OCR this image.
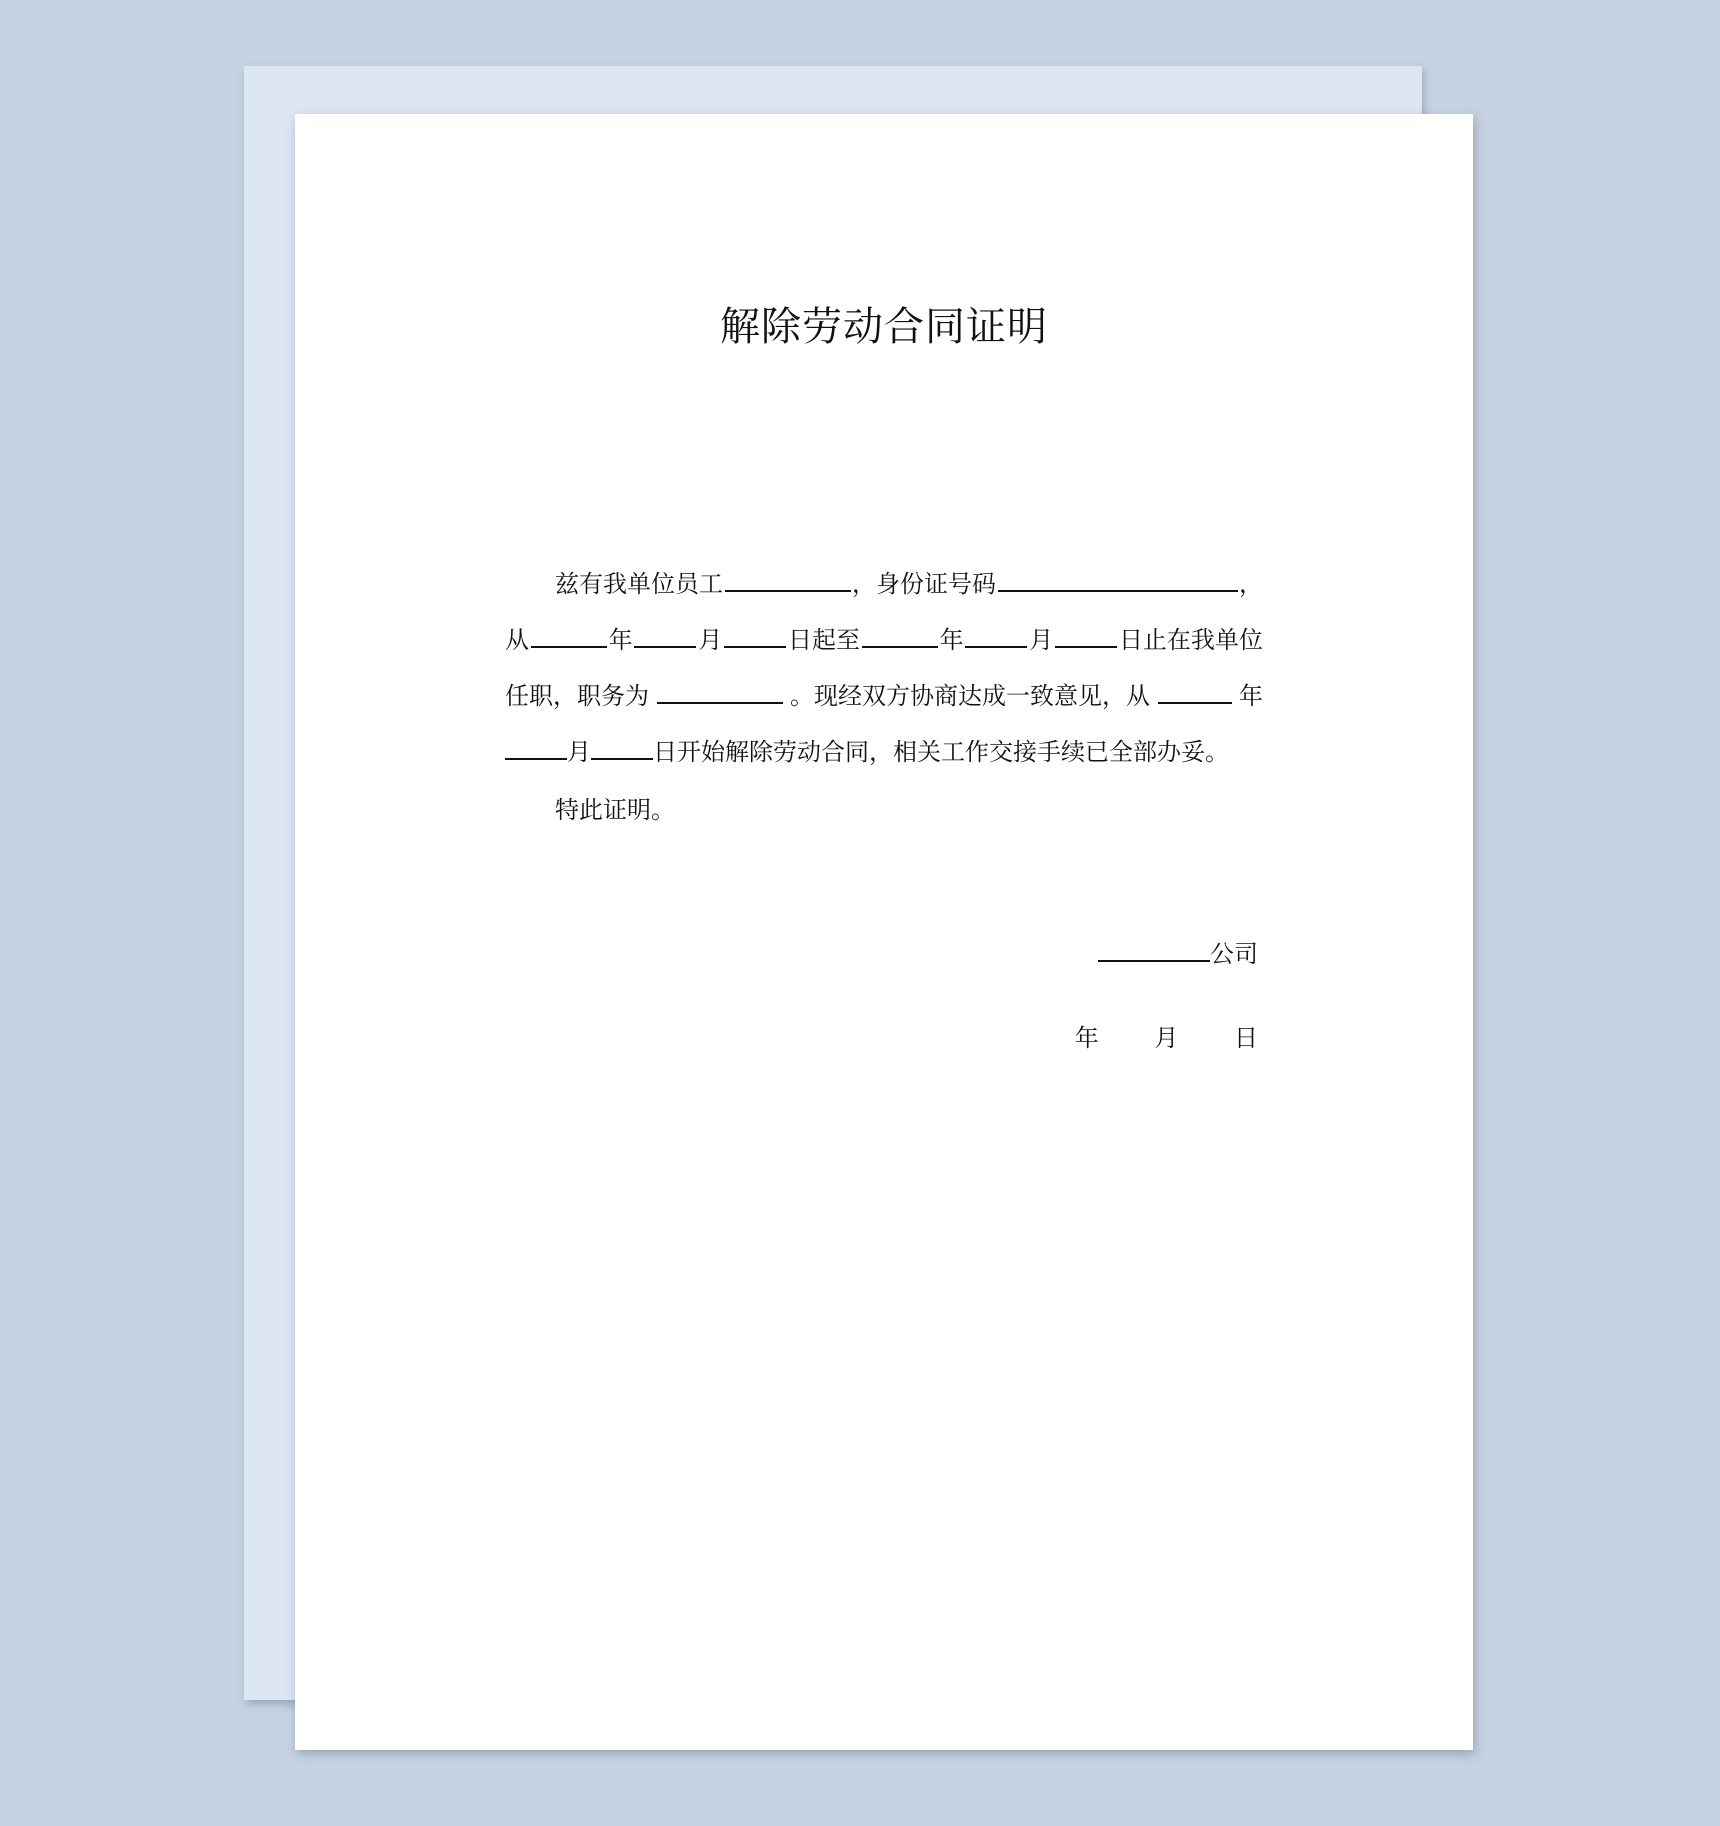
解除劳动合同证明
兹有我单位员工	，身份证号码	，
从	年	月	日起至	年	月	日止在我单位
任职，职务为	。现经双方协商达成一致意见，从	年
月	日开始解除劳动合同，相关工作交接手续已全部办妥。
特此证明。
公司
年 月 日
